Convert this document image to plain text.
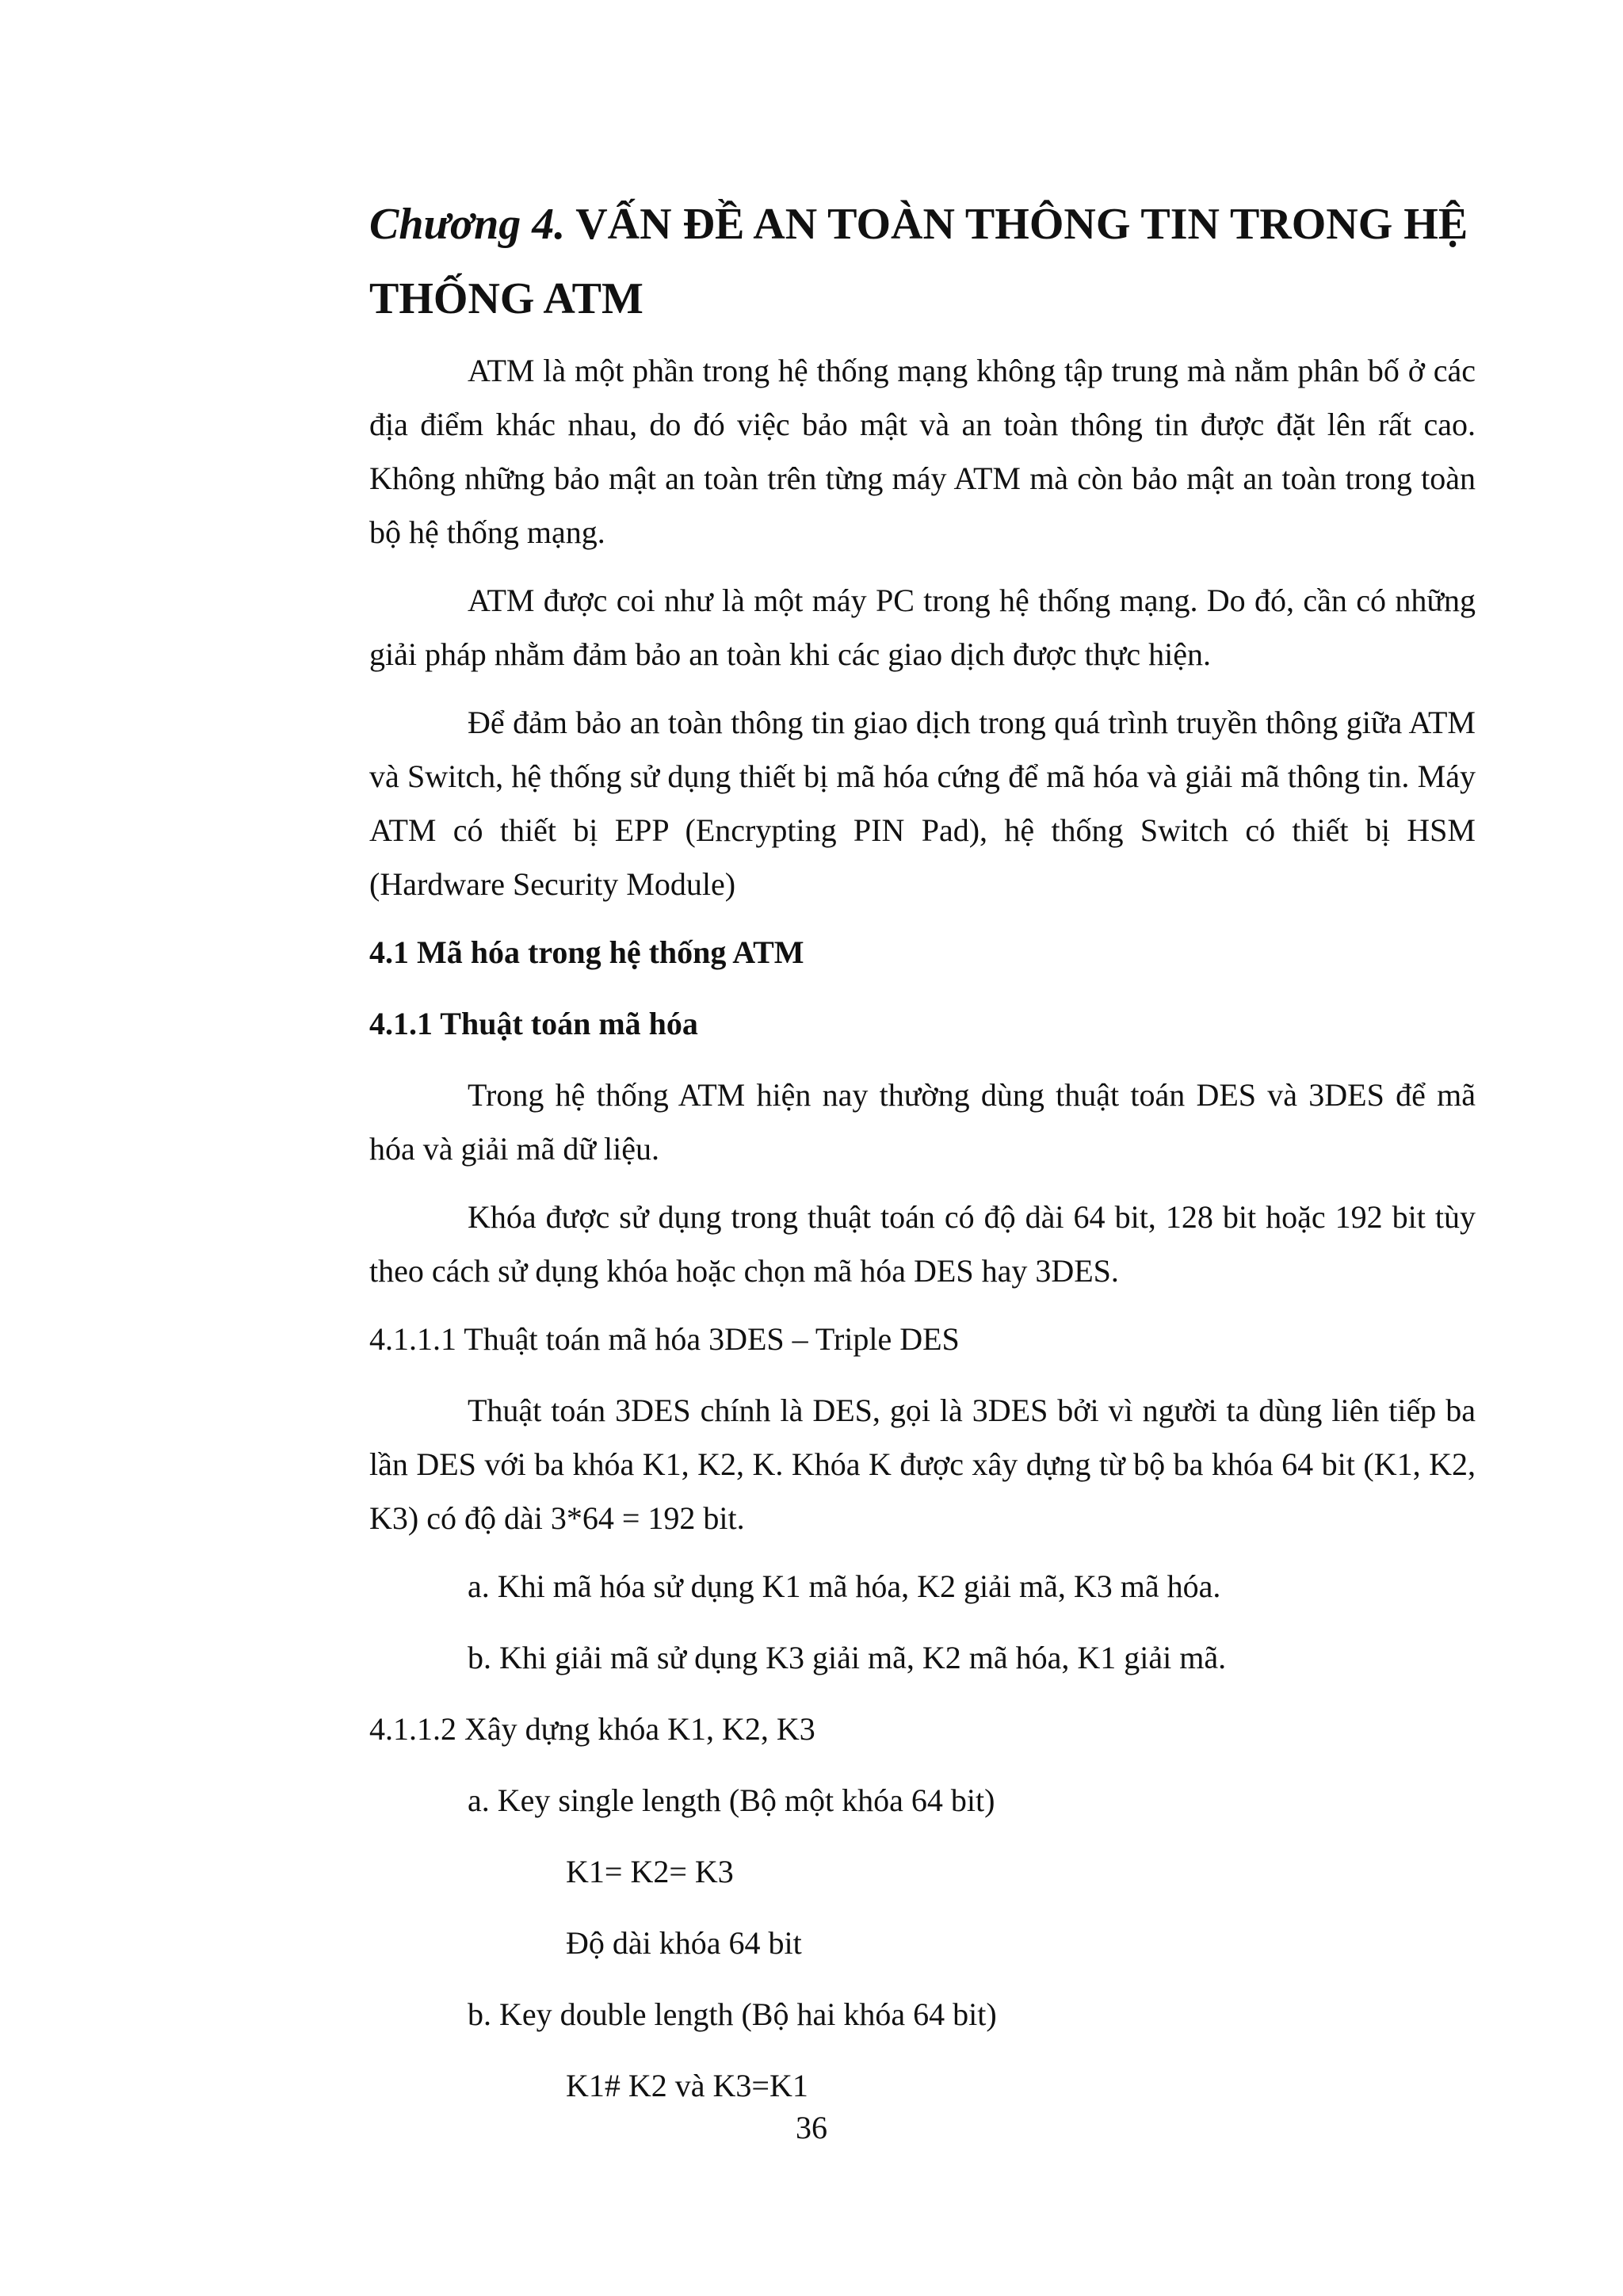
Chương 4. VẤN ĐỀ AN TOÀN THÔNG TIN TRONG HỆ THỐNG ATM

ATM là một phần trong hệ thống mạng không tập trung mà nằm phân bố ở các địa điểm khác nhau, do đó việc bảo mật và an toàn thông tin được đặt lên rất cao. Không những bảo mật an toàn trên từng máy ATM mà còn bảo mật an toàn trong toàn bộ hệ thống mạng.

ATM được coi như là một máy PC trong hệ thống mạng. Do đó, cần có những giải pháp nhằm đảm bảo an toàn khi các giao dịch được thực hiện.

Để đảm bảo an toàn thông tin giao dịch trong quá trình truyền thông giữa ATM và Switch, hệ thống sử dụng thiết bị mã hóa cứng để mã hóa và giải mã thông tin. Máy ATM có thiết bị EPP (Encrypting PIN Pad), hệ thống Switch có thiết bị HSM (Hardware Security Module)

4.1 Mã hóa trong hệ thống ATM
4.1.1 Thuật toán mã hóa

Trong hệ thống ATM hiện nay thường dùng thuật toán DES và 3DES để mã hóa và giải mã dữ liệu.

Khóa được sử dụng trong thuật toán có độ dài 64 bit, 128 bit hoặc 192 bit tùy theo cách sử dụng khóa hoặc chọn mã hóa DES hay 3DES.

4.1.1.1 Thuật toán mã hóa 3DES – Triple DES

Thuật toán 3DES chính là DES, gọi là 3DES bởi vì người ta dùng liên tiếp ba lần DES với ba khóa K1, K2, K. Khóa K được xây dựng từ bộ ba khóa 64 bit (K1, K2, K3) có độ dài 3*64 = 192 bit.

a. Khi mã hóa sử dụng K1 mã hóa, K2 giải mã, K3 mã hóa.
b. Khi giải mã sử dụng K3 giải mã, K2 mã hóa, K1 giải mã.
4.1.1.2 Xây dựng khóa K1, K2, K3
a. Key single length (Bộ một khóa 64 bit)
K1= K2= K3
Độ dài khóa 64 bit
b. Key double length (Bộ hai khóa 64 bit)
K1# K2 và K3=K1
36
